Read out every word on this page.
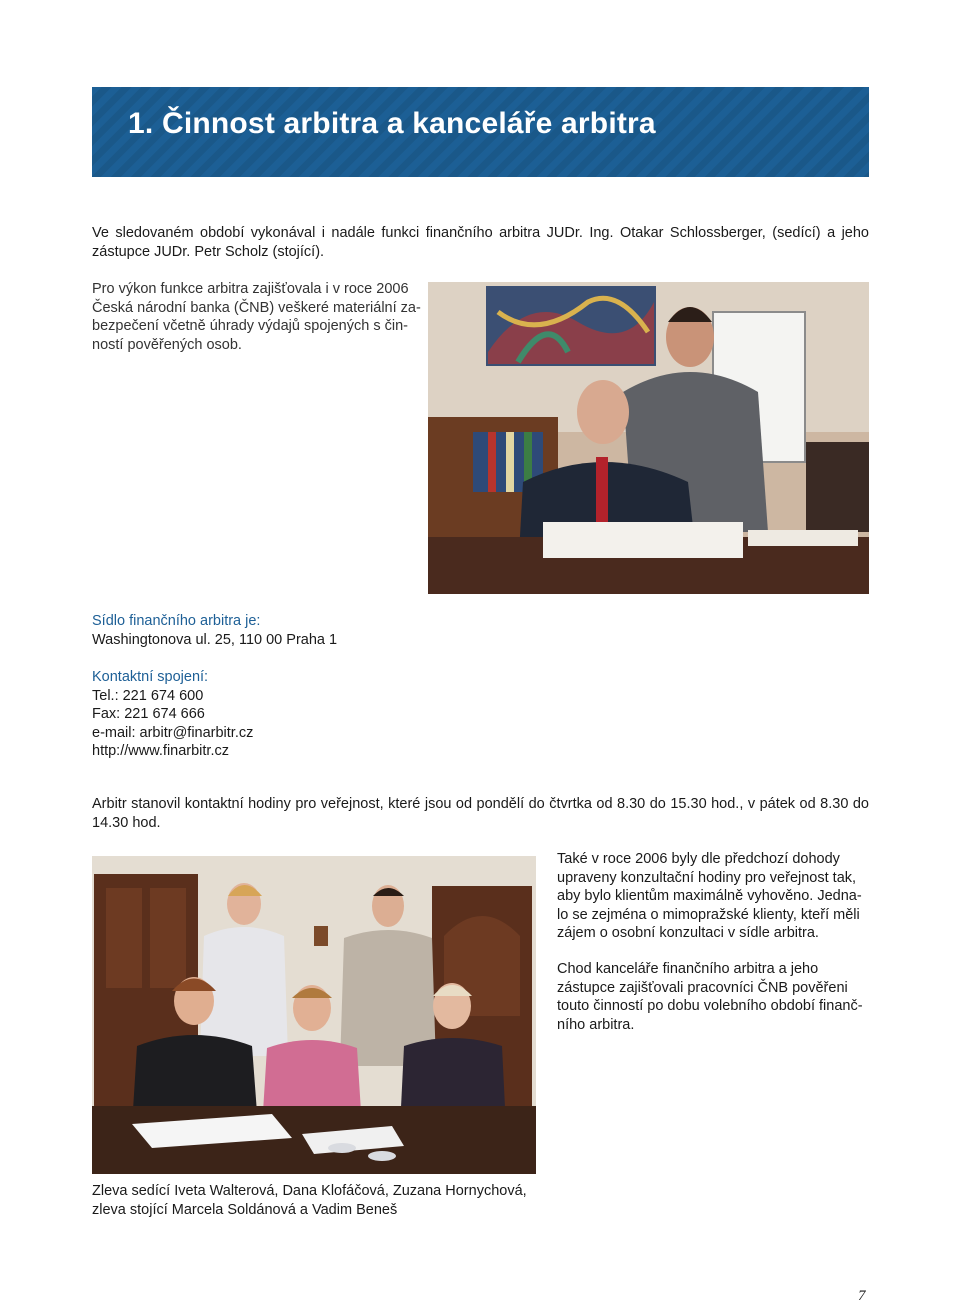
1. Činnost arbitra a kanceláře arbitra
Ve sledovaném období vykonával i nadále funkci finančního arbitra JUDr. Ing. Otakar Schlossberger, (sedící) a jeho zástupce JUDr. Petr Scholz (stojící).
Pro výkon funkce arbitra zajišťovala i v roce 2006
Česká národní banka (ČNB) veškeré materiální za-
bezpečení včetně úhrady výdajů spojených s čin-
ností pověřených osob.
Sídlo finančního arbitra je:
Washingtonova ul. 25, 110 00 Praha 1
Kontaktní spojení:
Tel.: 221 674 600
Fax: 221 674 666
e-mail: arbitr@finarbitr.cz
http://www.finarbitr.cz
Arbitr stanovil kontaktní hodiny pro veřejnost, které jsou od pondělí do čtvrtka od 8.30 do 15.30 hod., v pátek od 8.30 do 14.30 hod.
Také v roce 2006 byly dle předchozí dohody
upraveny konzultační hodiny pro veřejnost tak,
aby bylo klientům maximálně vyhověno. Jedna-
lo se zejména o mimopražské klienty, kteří měli
zájem o osobní konzultaci v sídle arbitra.
Chod kanceláře finančního arbitra a jeho
zástupce zajišťovali pracovníci ČNB pověřeni
touto činností po dobu volebního období finanč-
ního arbitra.
Zleva sedící Iveta Walterová, Dana Klofáčová, Zuzana Hornychová,
zleva stojící Marcela Soldánová a Vadim Beneš
7
